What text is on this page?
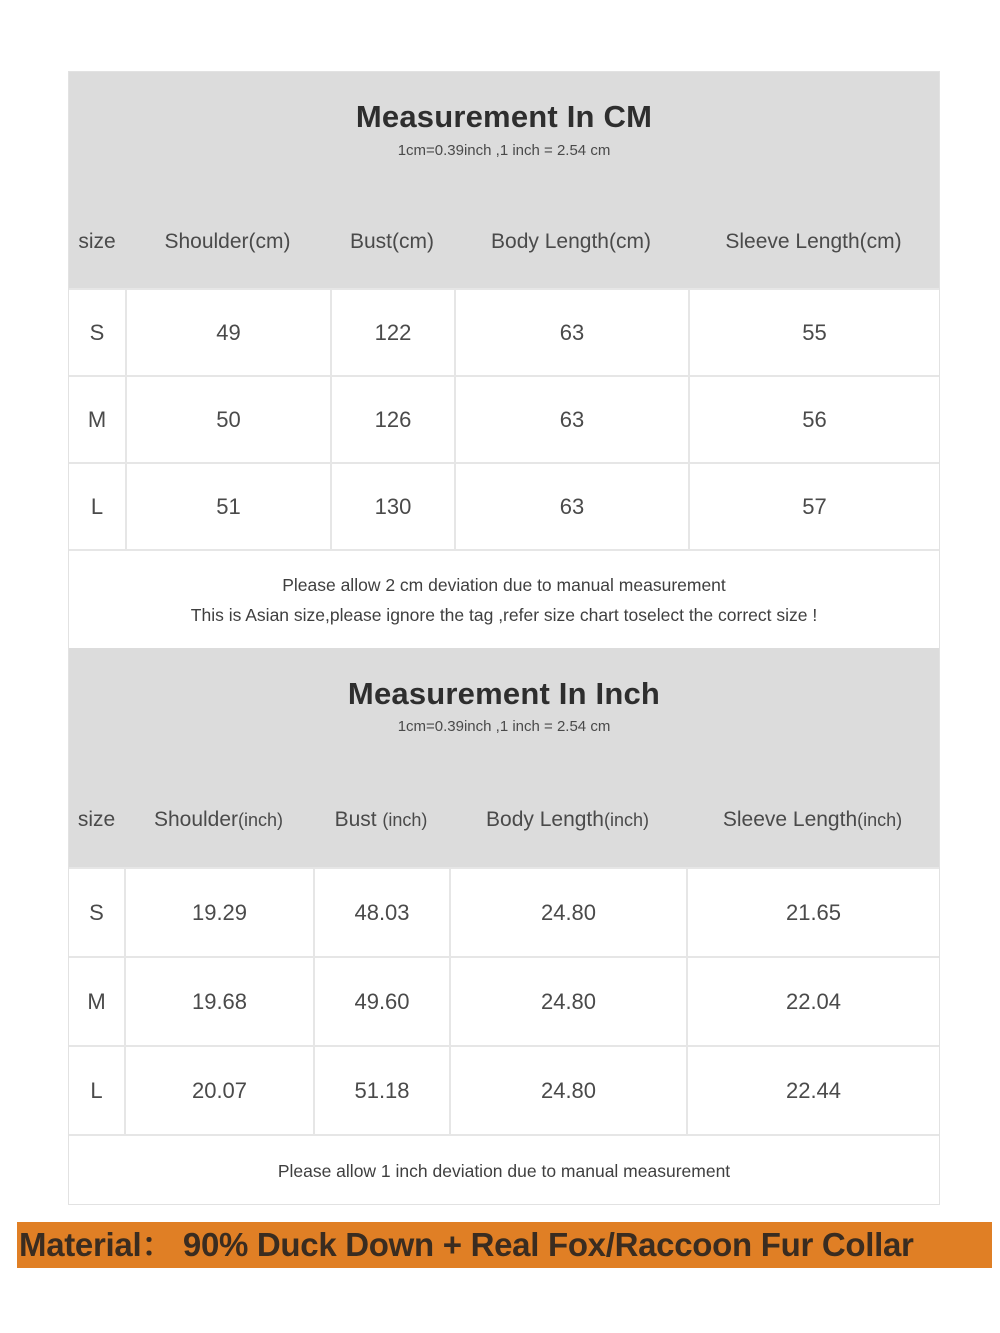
Measurement In CM
1cm=0.39inch ,1 inch = 2.54 cm
size	Shoulder(cm)	Bust(cm)	Body Length(cm)	Sleeve Length(cm)
S	49	122	63	55
M	50	126	63	56
L	51	130	63	57
Please allow 2 cm deviation due to manual measurement
This is Asian size,please ignore the tag ,refer size chart toselect the correct size !
Measurement In Inch
1cm=0.39inch ,1 inch = 2.54 cm
size	Shoulder(inch)	Bust (inch)	Body Length(inch)	Sleeve Length(inch)
S	19.29	48.03	24.80	21.65
M	19.68	49.60	24.80	22.04
L	20.07	51.18	24.80	22.44
Please allow 1 inch deviation due to manual measurement
Material： 90% Duck Down + Real Fox/Raccoon Fur Collar
